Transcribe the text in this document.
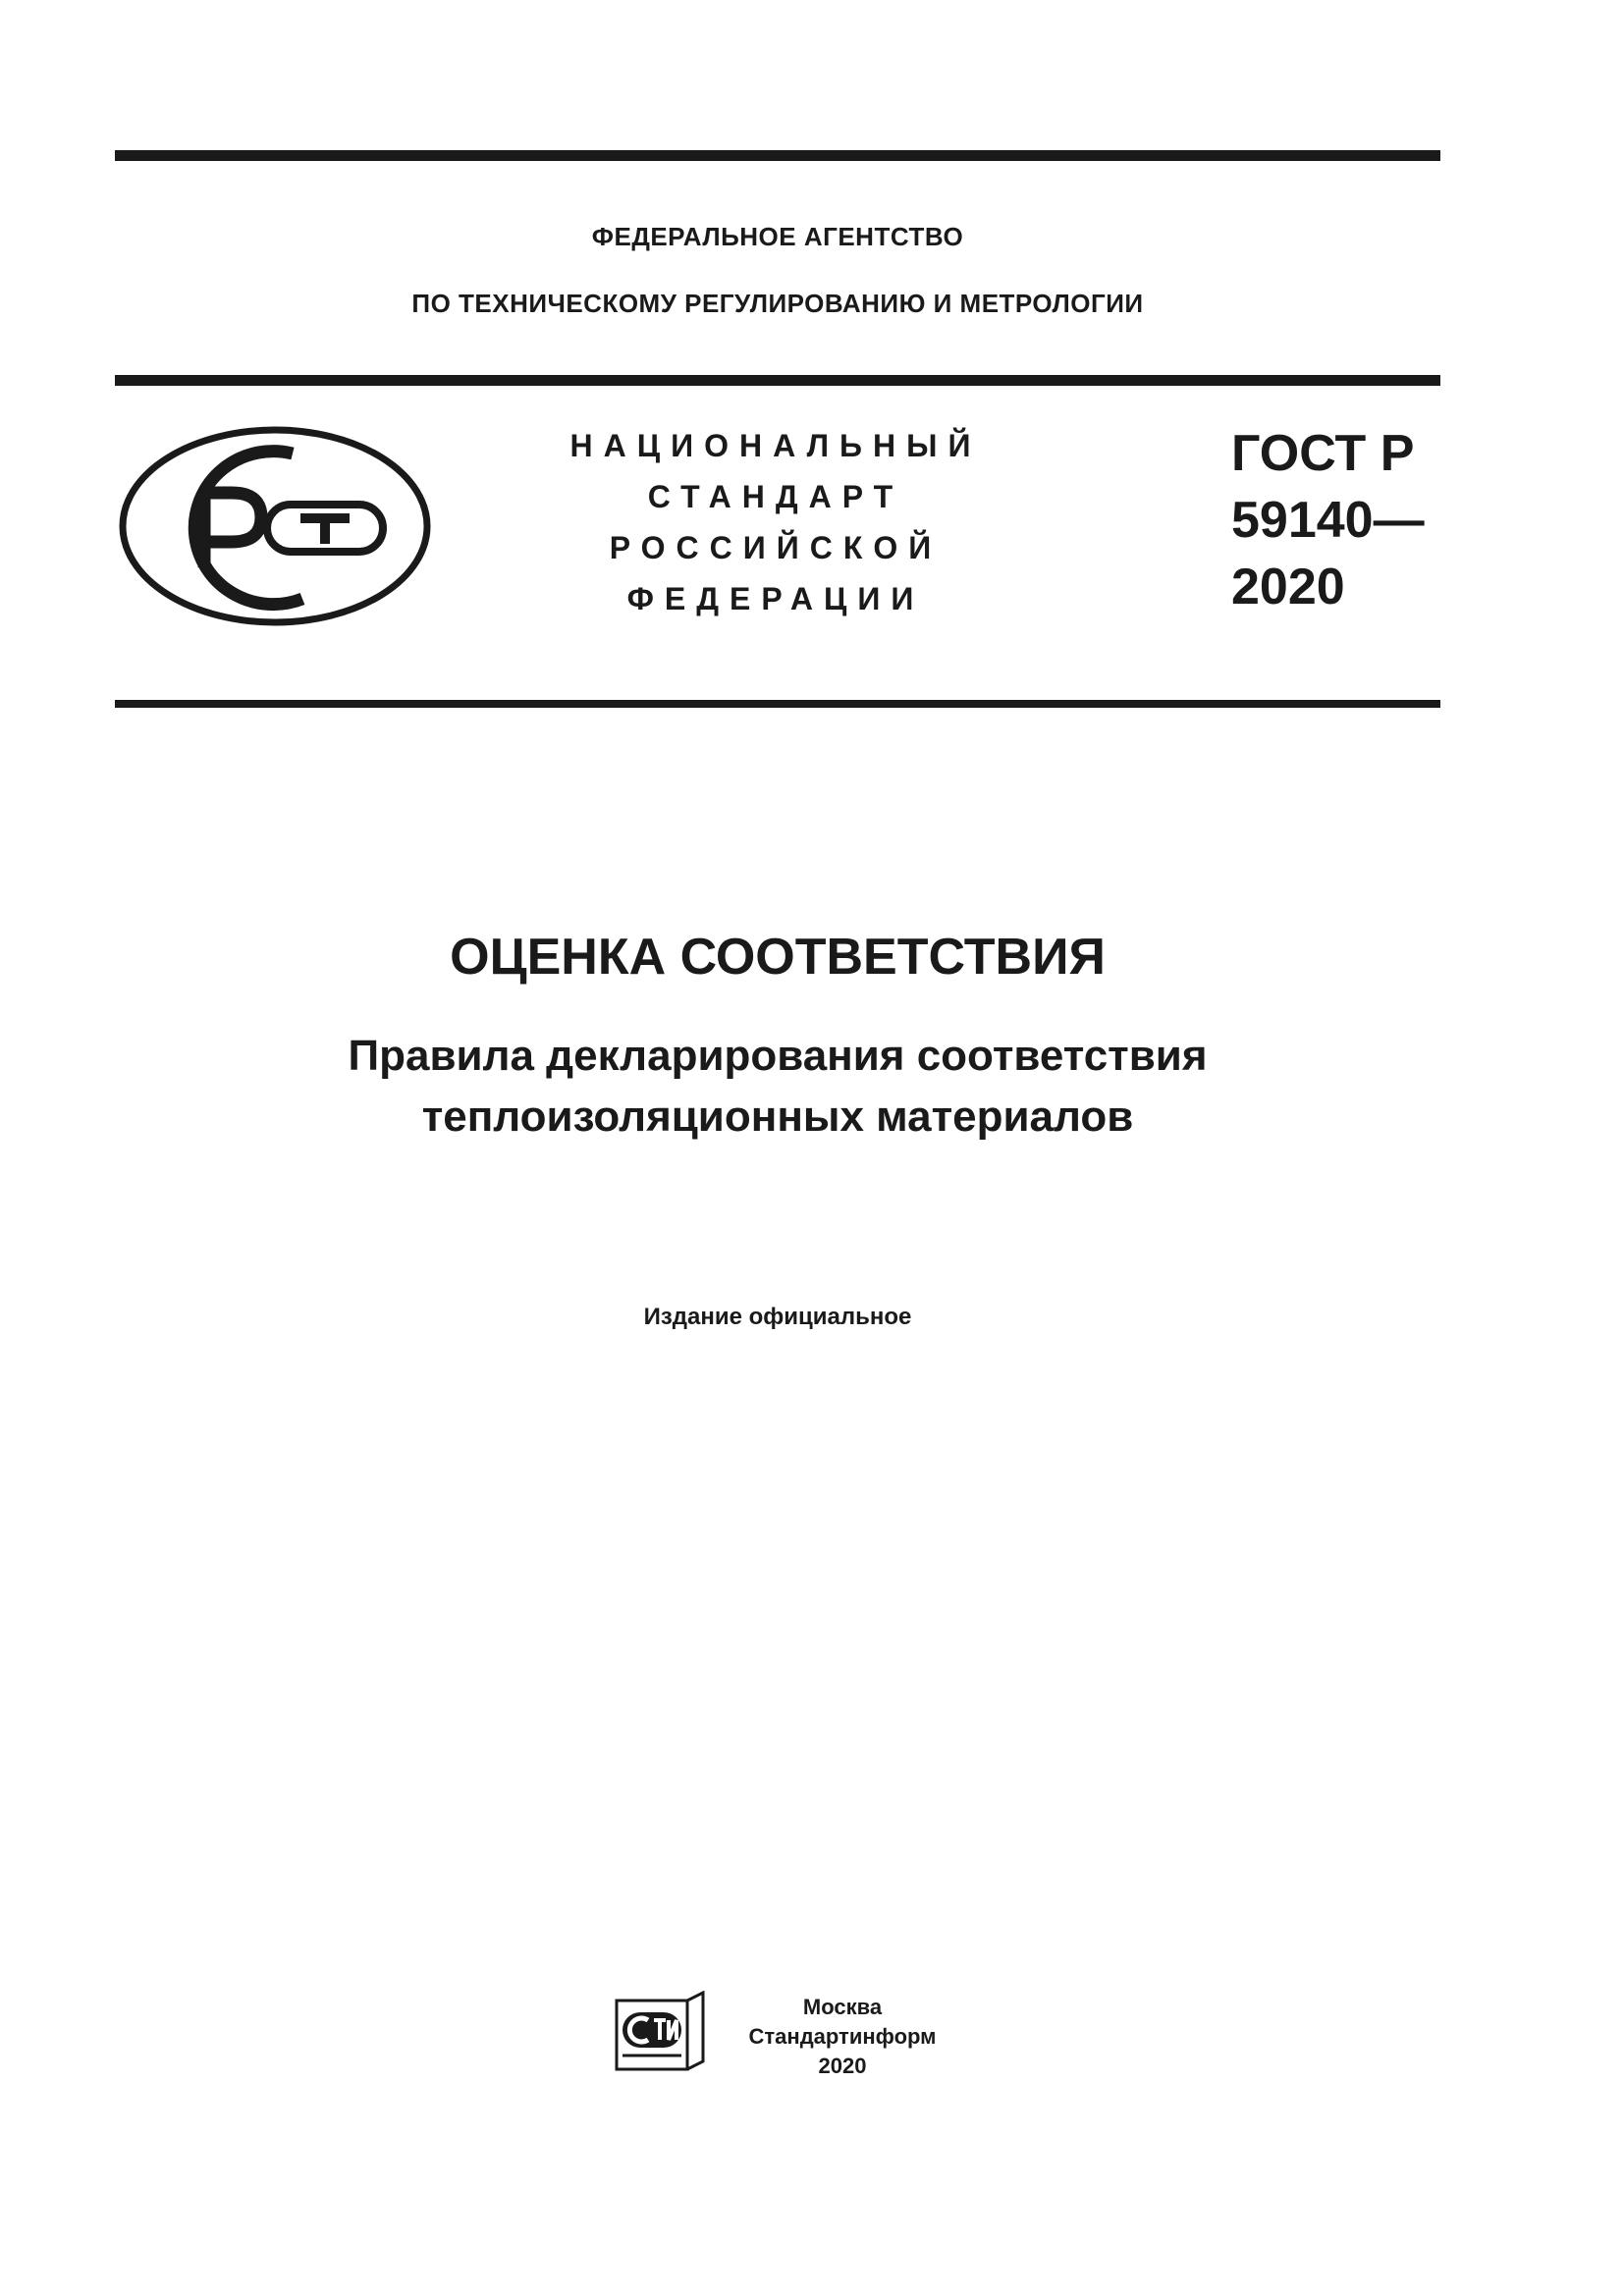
ФЕДЕРАЛЬНОЕ АГЕНТСТВО
ПО ТЕХНИЧЕСКОМУ РЕГУЛИРОВАНИЮ И МЕТРОЛОГИИ
НАЦИОНАЛЬНЫЙ
СТАНДАРТ
РОССИЙСКОЙ
ФЕДЕРАЦИИ
ГОСТ Р
59140—
2020
ОЦЕНКА СООТВЕТСТВИЯ
Правила декларирования соответствия
теплоизоляционных материалов
Издание официальное
Москва
Стандартинформ
2020
